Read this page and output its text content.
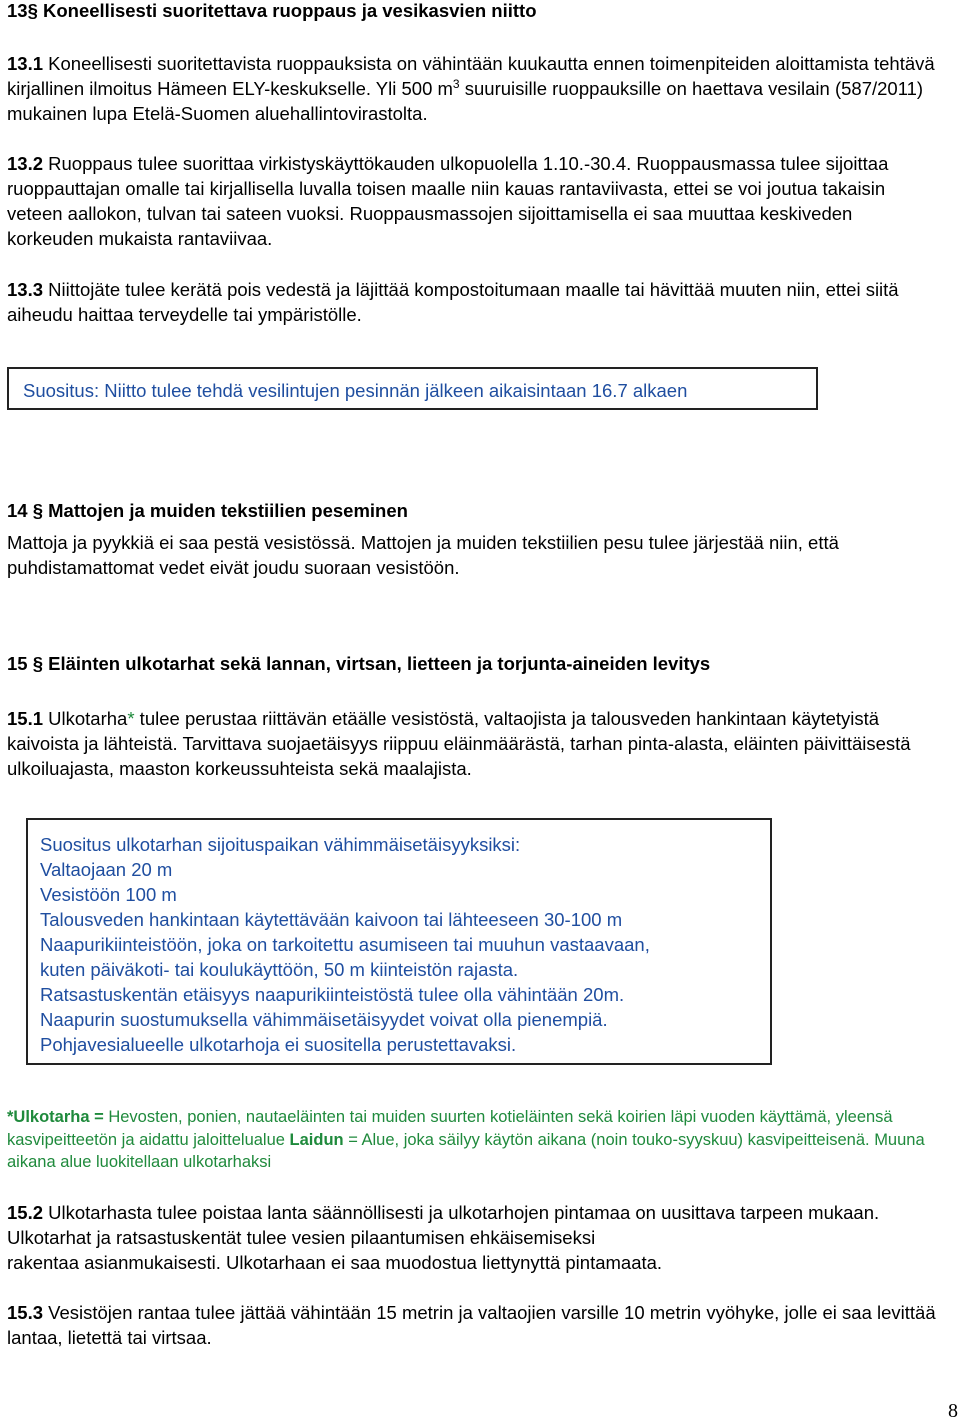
13§ Koneellisesti suoritettava ruoppaus ja vesikasvien niitto

13.1 Koneellisesti suoritettavista ruoppauksista on vähintään kuukautta ennen toimenpiteiden aloittamista tehtävä kirjallinen ilmoitus Hämeen ELY-keskukselle. Yli 500 $m^3$ suuruisille ruoppauksille on haettava vesilain (587/2011) mukainen lupa Etelä-Suomen aluehallintovirastolta.

13.2 Ruoppaus tulee suorittaa virkistyskäyttökauden ulkopuolella 1.10.-30.4. Ruoppausmassa tulee sijoittaa ruoppauttajan omalle tai kirjallisella luvalla toisen maalle niin kauas rantaviivasta, ettei se voi joutua takaisin veteen aallokon, tulvan tai sateen vuoksi. Ruoppausmassojen sijoittamisella ei saa muuttaa keskiveden korkeuden mukaista rantaviivaa.

13.3 Niittojäte tulee kerätä pois vedestä ja läjittää kompostoitumaan maalle tai hävittää muuten niin, ettei siitä aiheudu haittaa terveydelle tai ympäristölle.

Suositus: Niitto tulee tehdä vesilintujen pesinnän jälkeen aikaisintaan 16.7 alkaen
14 § Mattojen ja muiden tekstiilien peseminen

Mattoja ja pyykkiä ei saa pestä vesistössä. Mattojen ja muiden tekstiilien pesu tulee järjestää niin, että puhdistamattomat vedet eivät joudu suoraan vesistöön.

15 § Eläinten ulkotarhat sekä lannan, virtsan, lietteen ja torjunta-aineiden levitys

15.1 Ulkotarha* tulee perustaa riittävän etäälle vesistöstä, valtaojista ja talousveden hankintaan käytetyistä kaivoista ja lähteistä. Tarvittava suojaetäisyys riippuu eläinmäärästä, tarhan pinta-alasta, eläinten päivittäisestä ulkoiluajasta, maaston korkeussuhteista sekä maalajista.

Suositus ulkotarhan sijoituspaikan vähimmäisetäisyyksiksi:
Valtaojaan 20 m
Vesistöön 100 m
Talousveden hankintaan käytettävään kaivoon tai lähteeseen 30-100 m
Naapurikiinteistöön, joka on tarkoitettu asumiseen tai muuhun vastaavaan,
kuten päiväkoti- tai koulukäyttöön, 50 m kiinteistön rajasta.
Ratsastuskentän etäisyys naapurikiinteistöstä tulee olla vähintään 20m.
Naapurin suostumuksella vähimmäisetäisyydet voivat olla pienempiä.
Pohjavesialueelle ulkotarhoja ei suositella perustettavaksi.
*Ulkotarha = Hevosten, ponien, nautaeläinten tai muiden suurten kotieläinten sekä koirien läpi vuoden käyttämä, yleensä kasvipeitteetön ja aidattu jaloittelualue Laidun = Alue, joka säilyy käytön aikana (noin touko-syyskuu) kasvipeitteisenä. Muuna aikana alue luokitellaan ulkotarhaksi

15.2 Ulkotarhasta tulee poistaa lanta säännöllisesti ja ulkotarhojen pintamaa on uusittava tarpeen mukaan. Ulkotarhat ja ratsastuskentät tulee vesien pilaantumisen ehkäisemiseksi
rakentaa asianmukaisesti. Ulkotarhaan ei saa muodostua liettynyttä pintamaata.

15.3 Vesistöjen rantaa tulee jättää vähintään 15 metrin ja valtaojien varsille 10 metrin vyöhyke, jolle ei saa levittää lantaa, lietettä tai virtsaa.

8
